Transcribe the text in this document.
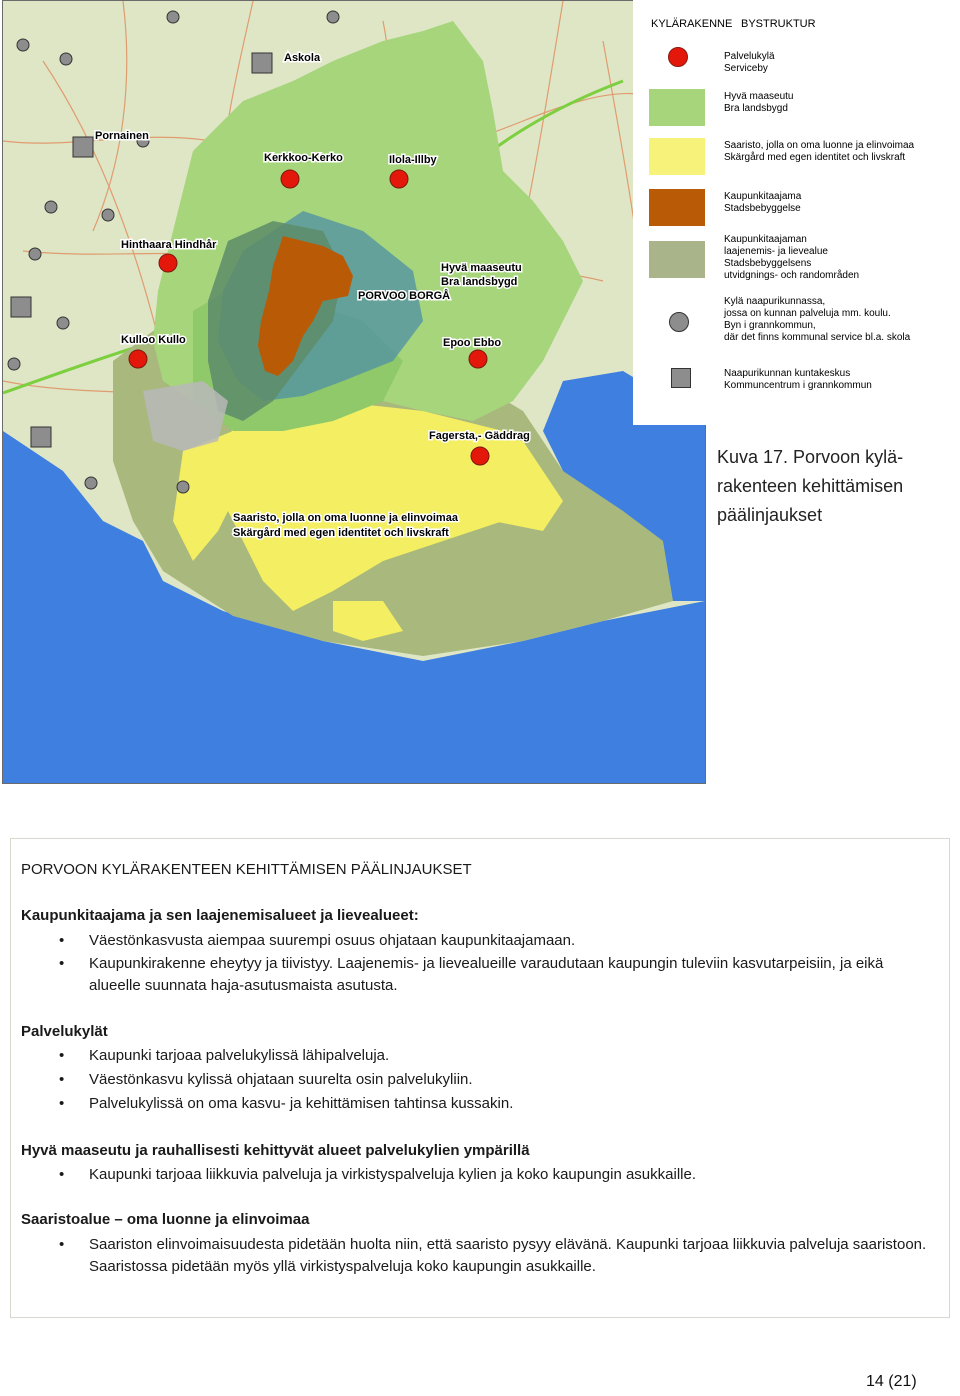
Askola
Pornainen
Kerkkoo-Kerko	Ilola-Illby
Hinthaara Hindhår
PORVOO BORGÅ
Kulloo Kullo	Epoo Ebbo
Fagersta,- Gäddrag
Hyvä maaseutu
Bra landsbygd
Saaristo, jolla on oma luonne ja elinvoimaa
Skärgård med egen identitet och livskraft
KYLÄRAKENNE BYSTRUKTUR
Palvelukylä
Serviceby
Hyvä maaseutu
Bra landsbygd
Saaristo, jolla on oma luonne ja elinvoimaa
Skärgård med egen identitet och livskraft
Kaupunkitaajama
Stadsbebyggelse
Kaupunkitaajaman
laajenemis- ja lievealue
Stadsbebyggelsens
utvidgnings- och randområden
Kylä naapurikunnassa,
jossa on kunnan palveluja mm. koulu.
Byn i grannkommun,
där det finns kommunal service bl.a. skola
Naapurikunnan kuntakeskus
Kommuncentrum i grannkommun
Kuva 17. Porvoon kylä-
rakenteen kehittämisen
päälinjaukset
PORVOON KYLÄRAKENTEEN KEHITTÄMISEN PÄÄLINJAUKSET
Kaupunkitaajama ja sen laajenemisalueet ja lievealueet:
• Väestönkasvusta aiempaa suurempi osuus ohjataan kaupunkitaajamaan.
• Kaupunkirakenne eheytyy ja tiivistyy. Laajenemis- ja lievealueille varaudutaan kaupungin tuleviin kasvutarpeisiin, ja eikä alueelle suunnata haja-asutusmaista asutusta.
Palvelukylät
• Kaupunki tarjoaa palvelukylissä lähipalveluja.
• Väestönkasvu kylissä ohjataan suurelta osin palvelukyliin.
• Palvelukylissä on oma kasvu- ja kehittämisen tahtinsa kussakin.
Hyvä maaseutu ja rauhallisesti kehittyvät alueet palvelukylien ympärillä
• Kaupunki tarjoaa liikkuvia palveluja ja virkistyspalveluja kylien ja koko kaupungin asukkaille.
Saaristoalue – oma luonne ja elinvoimaa
• Saariston elinvoimaisuudesta pidetään huolta niin, että saaristo pysyy elävänä. Kaupunki tarjoaa liikkuvia palveluja saaristoon. Saaristossa pidetään myös yllä virkistyspalveluja koko kaupungin asukkaille.
14 (21)
